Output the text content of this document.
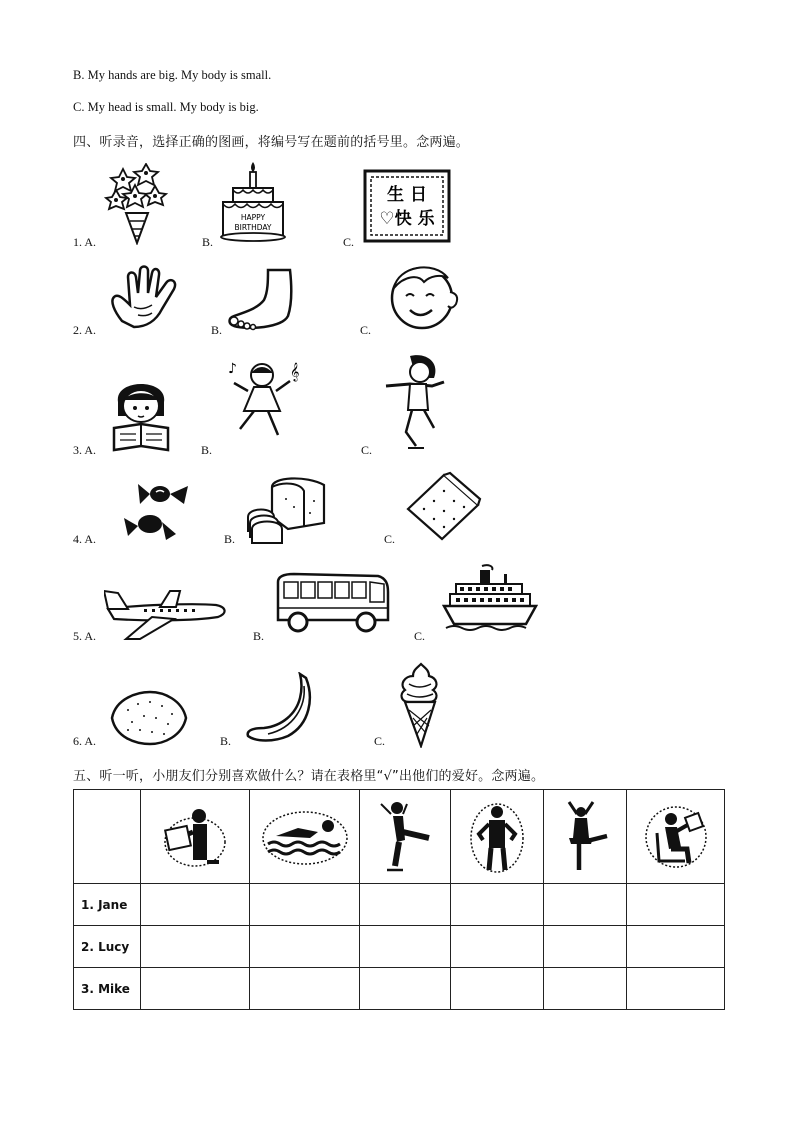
B. My hands are big. My body is small.
C. My head is small. My body is big.
四、听录音，选择正确的图画，将编号写在题前的括号里。念两遍。
1. A.	B.	C.
HAPPY
BIRTHDAY
生 日
♡快 乐
2. A.	B.	C.
3. A.	B.	C.
♪	𝄞
4. A.	B.	C.
5. A.	B.	C.
6. A.	B.	C.
五、听一听，小朋友们分别喜欢做什么？请在表格里“√”出他们的爱好。念两遍。

1. Jane						
2. Lucy						
3. Mike						
